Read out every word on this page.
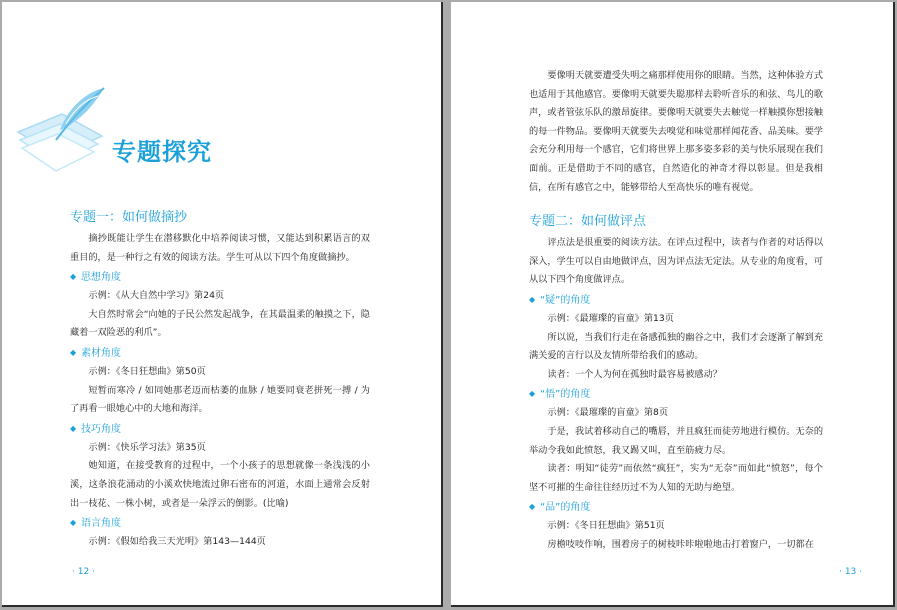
专题探究
专题一：如何做摘抄
摘抄既能让学生在潜移默化中培养阅读习惯，又能达到积累语言的双重目的，是一种行之有效的阅读方法。学生可从以下四个角度做摘抄。
◆ 思想角度
示例：《从大自然中学习》第24页
大自然时常会“向她的子民公然发起战争，在其最温柔的触摸之下，隐藏着一双险恶的利爪”。
◆ 素材角度
示例：《冬日狂想曲》第50页
短暂而寒冷 / 如同她那老迈而枯萎的血脉 / 她要同衰老拼死一搏 / 为了再看一眼她心中的大地和海洋。
◆ 技巧角度
示例：《快乐学习法》第35页
她知道，在接受教育的过程中，一个小孩子的思想就像一条浅浅的小溪，这条浪花涌动的小溪欢快地流过卵石密布的河道，水面上通常会反射出一枝花、一株小树，或者是一朵浮云的倒影。(比喻)
◆ 语言角度
示例：《假如给我三天光明》第143—144页
· 12 ·
要像明天就要遭受失明之痛那样使用你的眼睛。当然，这种体验方式也适用于其他感官。要像明天就要失聪那样去聆听音乐的和弦、鸟儿的歌声，或者管弦乐队的激昂旋律。要像明天就要失去触觉一样触摸你想接触的每一件物品。要像明天就要失去嗅觉和味觉那样闻花香、品美味。要学会充分利用每一个感官，它们将世界上那多姿多彩的美与快乐展现在我们面前。正是借助于不同的感官，自然造化的神奇才得以彰显。但是我相信，在所有感官之中，能够带给人至高快乐的唯有视觉。
专题二：如何做评点
评点法是很重要的阅读方法。在评点过程中，读者与作者的对话得以深入，学生可以自由地做评点，因为评点法无定法。从专业的角度看，可从以下四个角度做评点。
◆ “疑”的角度
示例：《最璀璨的盲童》第13页
所以说，当我们行走在备感孤独的幽谷之中，我们才会逐渐了解到充满关爱的言行以及友情所带给我们的感动。
读者：一个人为何在孤独时最容易被感动？
◆ “悟”的角度
示例：《最璀璨的盲童》第8页
于是，我试着移动自己的嘴唇，并且疯狂而徒劳地进行模仿。无奈的举动令我如此愤怒，我又踢又叫，直至筋疲力尽。
读者：明知“徒劳”而依然“疯狂”，实为“无奈”而如此“愤怒”，每个坚不可摧的生命往往经历过不为人知的无助与绝望。
◆ “品”的角度
示例：《冬日狂想曲》第51页
房檐吱吱作响，围着房子的树枝咔咔啦啦地击打着窗户，一切都在
· 13 ·
